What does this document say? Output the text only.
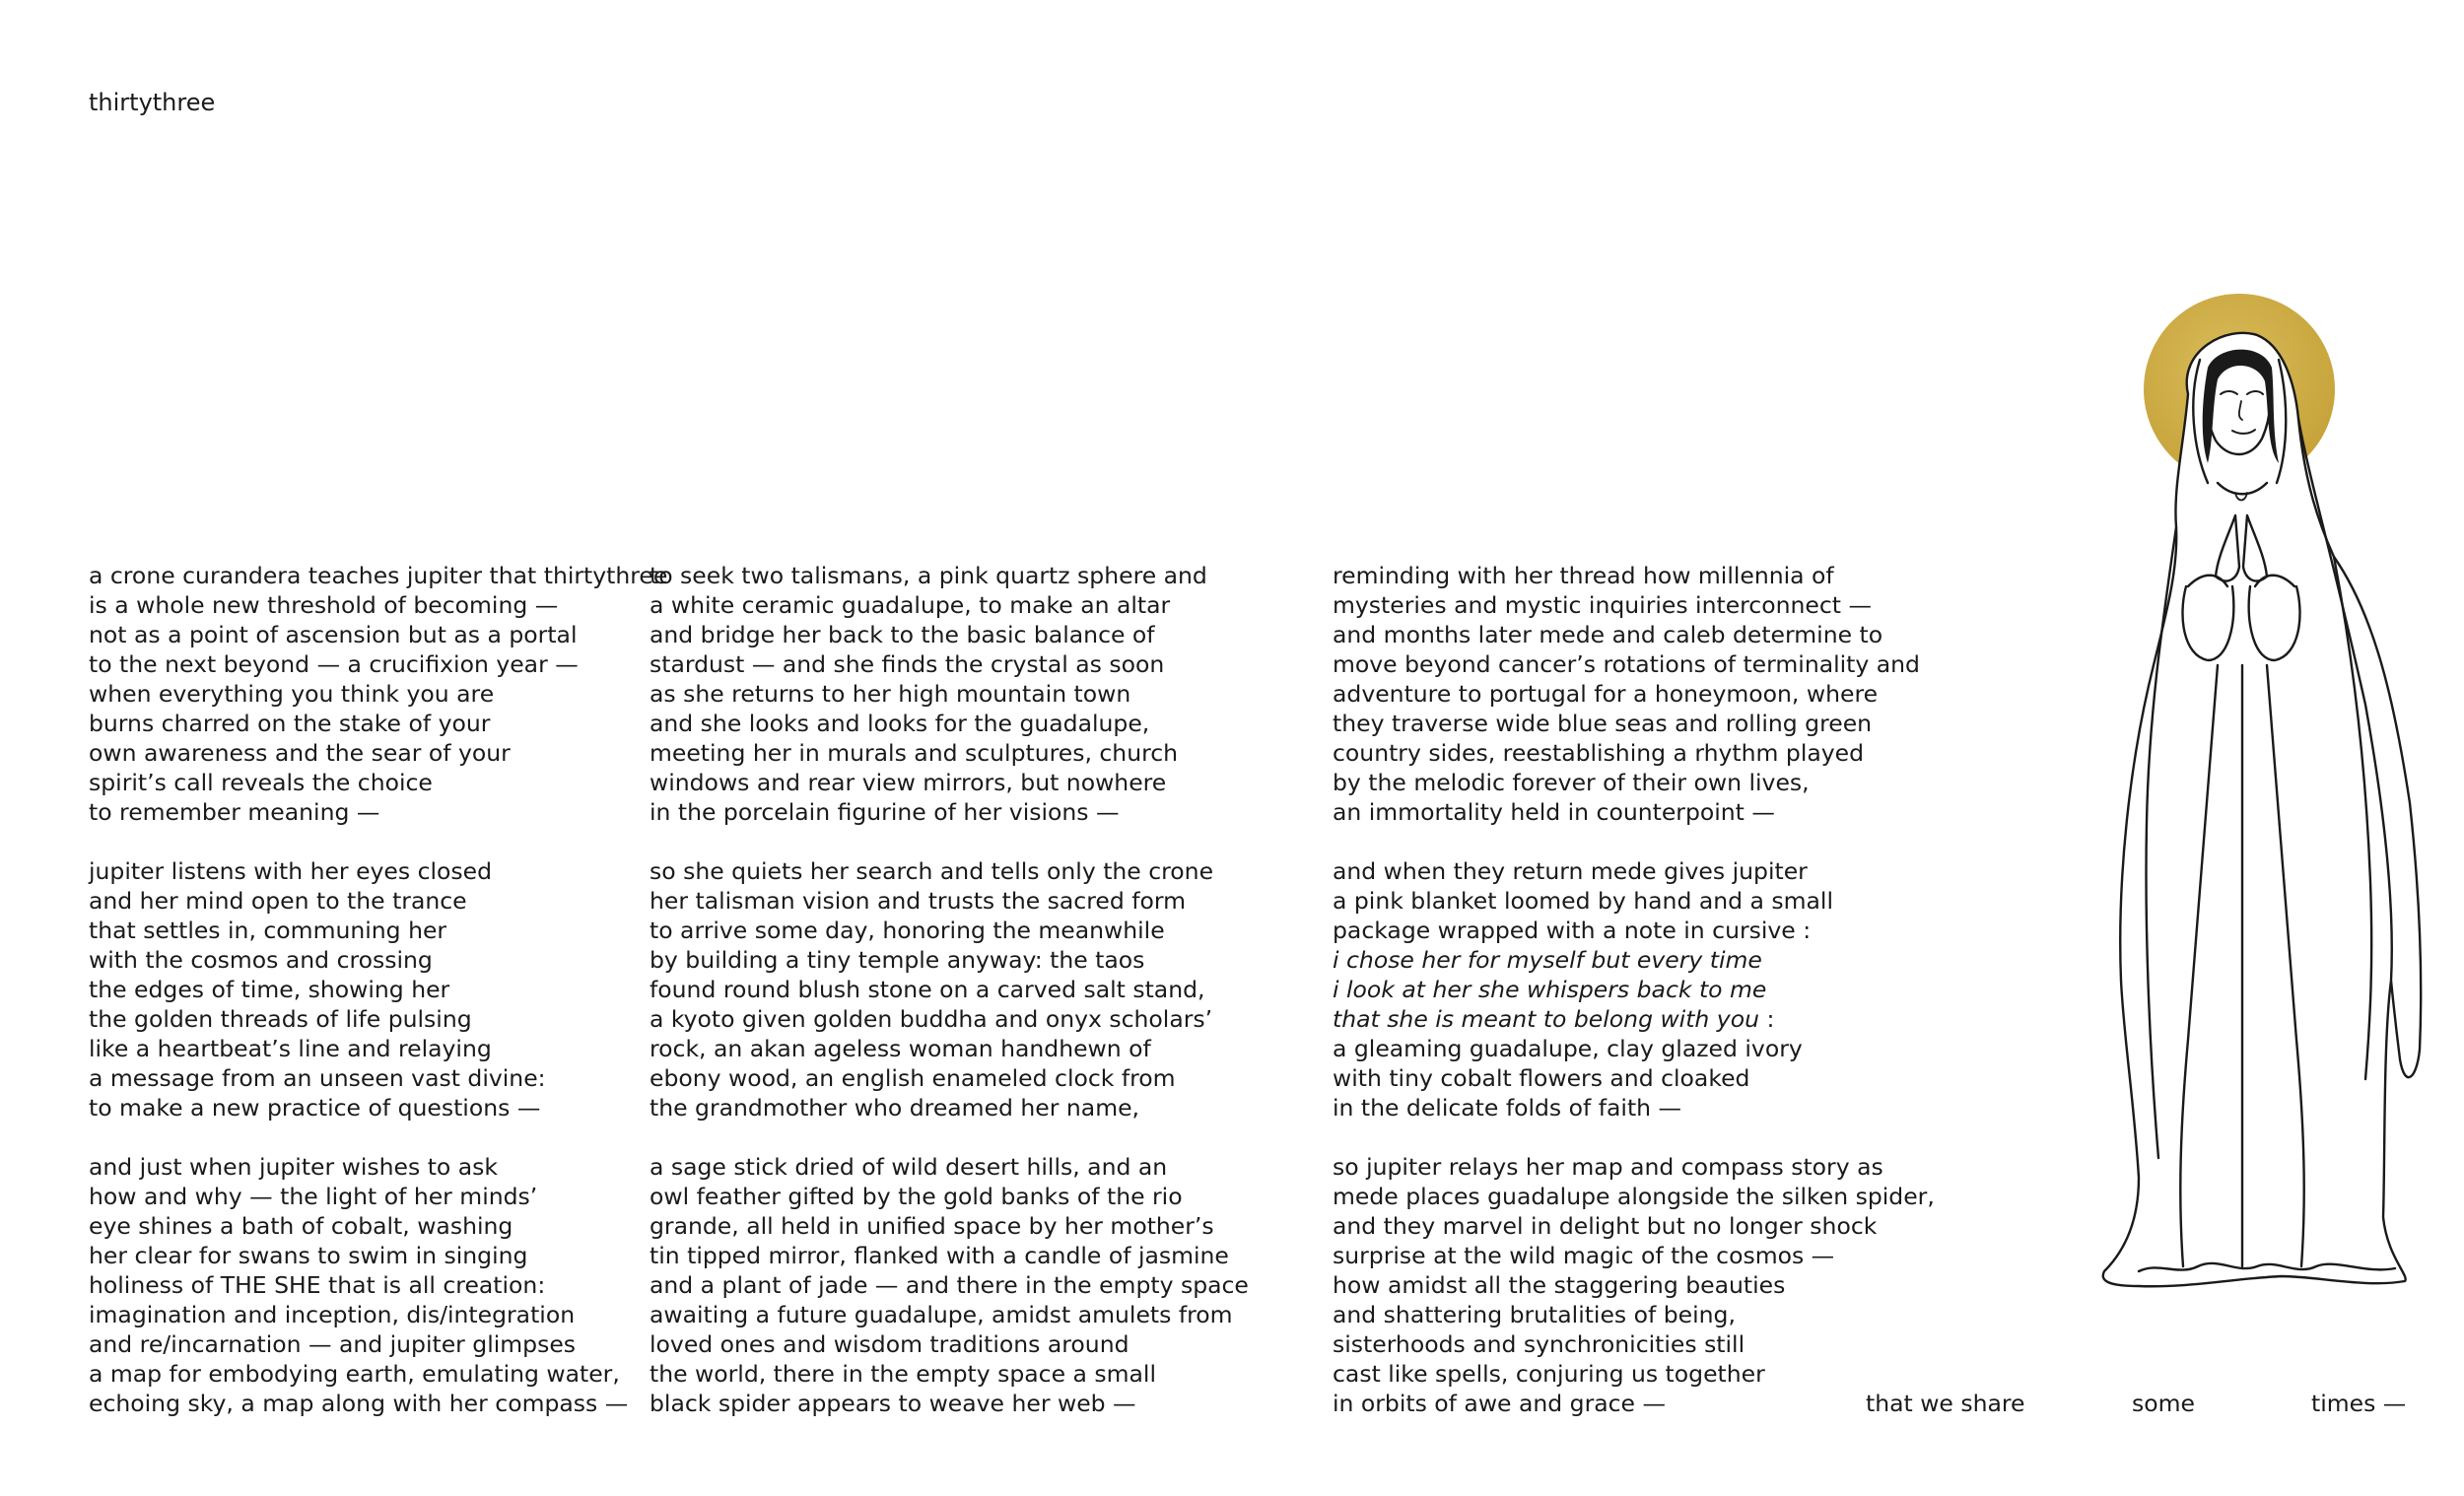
thirtythree
a crone curandera teaches jupiter that thirtythree
is a whole new threshold of becoming —
not as a point of ascension but as a portal
to the next beyond — a crucifixion year —
when everything you think you are
burns charred on the stake of your
own awareness and the sear of your
spirit’s call reveals the choice
to remember meaning —
jupiter listens with her eyes closed
and her mind open to the trance
that settles in, communing her
with the cosmos and crossing
the edges of time, showing her
the golden threads of life pulsing
like a heartbeat’s line and relaying
a message from an unseen vast divine:
to make a new practice of questions —
and just when jupiter wishes to ask
how and why — the light of her minds’
eye shines a bath of cobalt, washing
her clear for swans to swim in singing
holiness of THE SHE that is all creation:
imagination and inception, dis/integration
and re/incarnation — and jupiter glimpses
a map for embodying earth, emulating water,
echoing sky, a map along with her compass —
to seek two talismans, a pink quartz sphere and
a white ceramic guadalupe, to make an altar
and bridge her back to the basic balance of
stardust — and she finds the crystal as soon
as she returns to her high mountain town
and she looks and looks for the guadalupe,
meeting her in murals and sculptures, church
windows and rear view mirrors, but nowhere
in the porcelain figurine of her visions —
so she quiets her search and tells only the crone
her talisman vision and trusts the sacred form
to arrive some day, honoring the meanwhile
by building a tiny temple anyway: the taos
found round blush stone on a carved salt stand,
a kyoto given golden buddha and onyx scholars’
rock, an akan ageless woman handhewn of
ebony wood, an english enameled clock from
the grandmother who dreamed her name,
a sage stick dried of wild desert hills, and an
owl feather gifted by the gold banks of the rio
grande, all held in unified space by her mother’s
tin tipped mirror, flanked with a candle of jasmine
and a plant of jade — and there in the empty space
awaiting a future guadalupe, amidst amulets from
loved ones and wisdom traditions around
the world, there in the empty space a small
black spider appears to weave her web —
reminding with her thread how millennia of
mysteries and mystic inquiries interconnect —
and months later mede and caleb determine to
move beyond cancer’s rotations of terminality and
adventure to portugal for a honeymoon, where
they traverse wide blue seas and rolling green
country sides, reestablishing a rhythm played
by the melodic forever of their own lives,
an immortality held in counterpoint —
and when they return mede gives jupiter
a pink blanket loomed by hand and a small
package wrapped with a note in cursive :
i chose her for myself but every time
i look at her she whispers back to me
that she is meant to belong with you :
a gleaming guadalupe, clay glazed ivory
with tiny cobalt flowers and cloaked
in the delicate folds of faith —
so jupiter relays her map and compass story as
mede places guadalupe alongside the silken spider,
and they marvel in delight but no longer shock
surprise at the wild magic of the cosmos —
how amidst all the staggering beauties
and shattering brutalities of being,
sisterhoods and synchronicities still
cast like spells, conjuring us together
in orbits of awe and grace —	that we share	some	times —
